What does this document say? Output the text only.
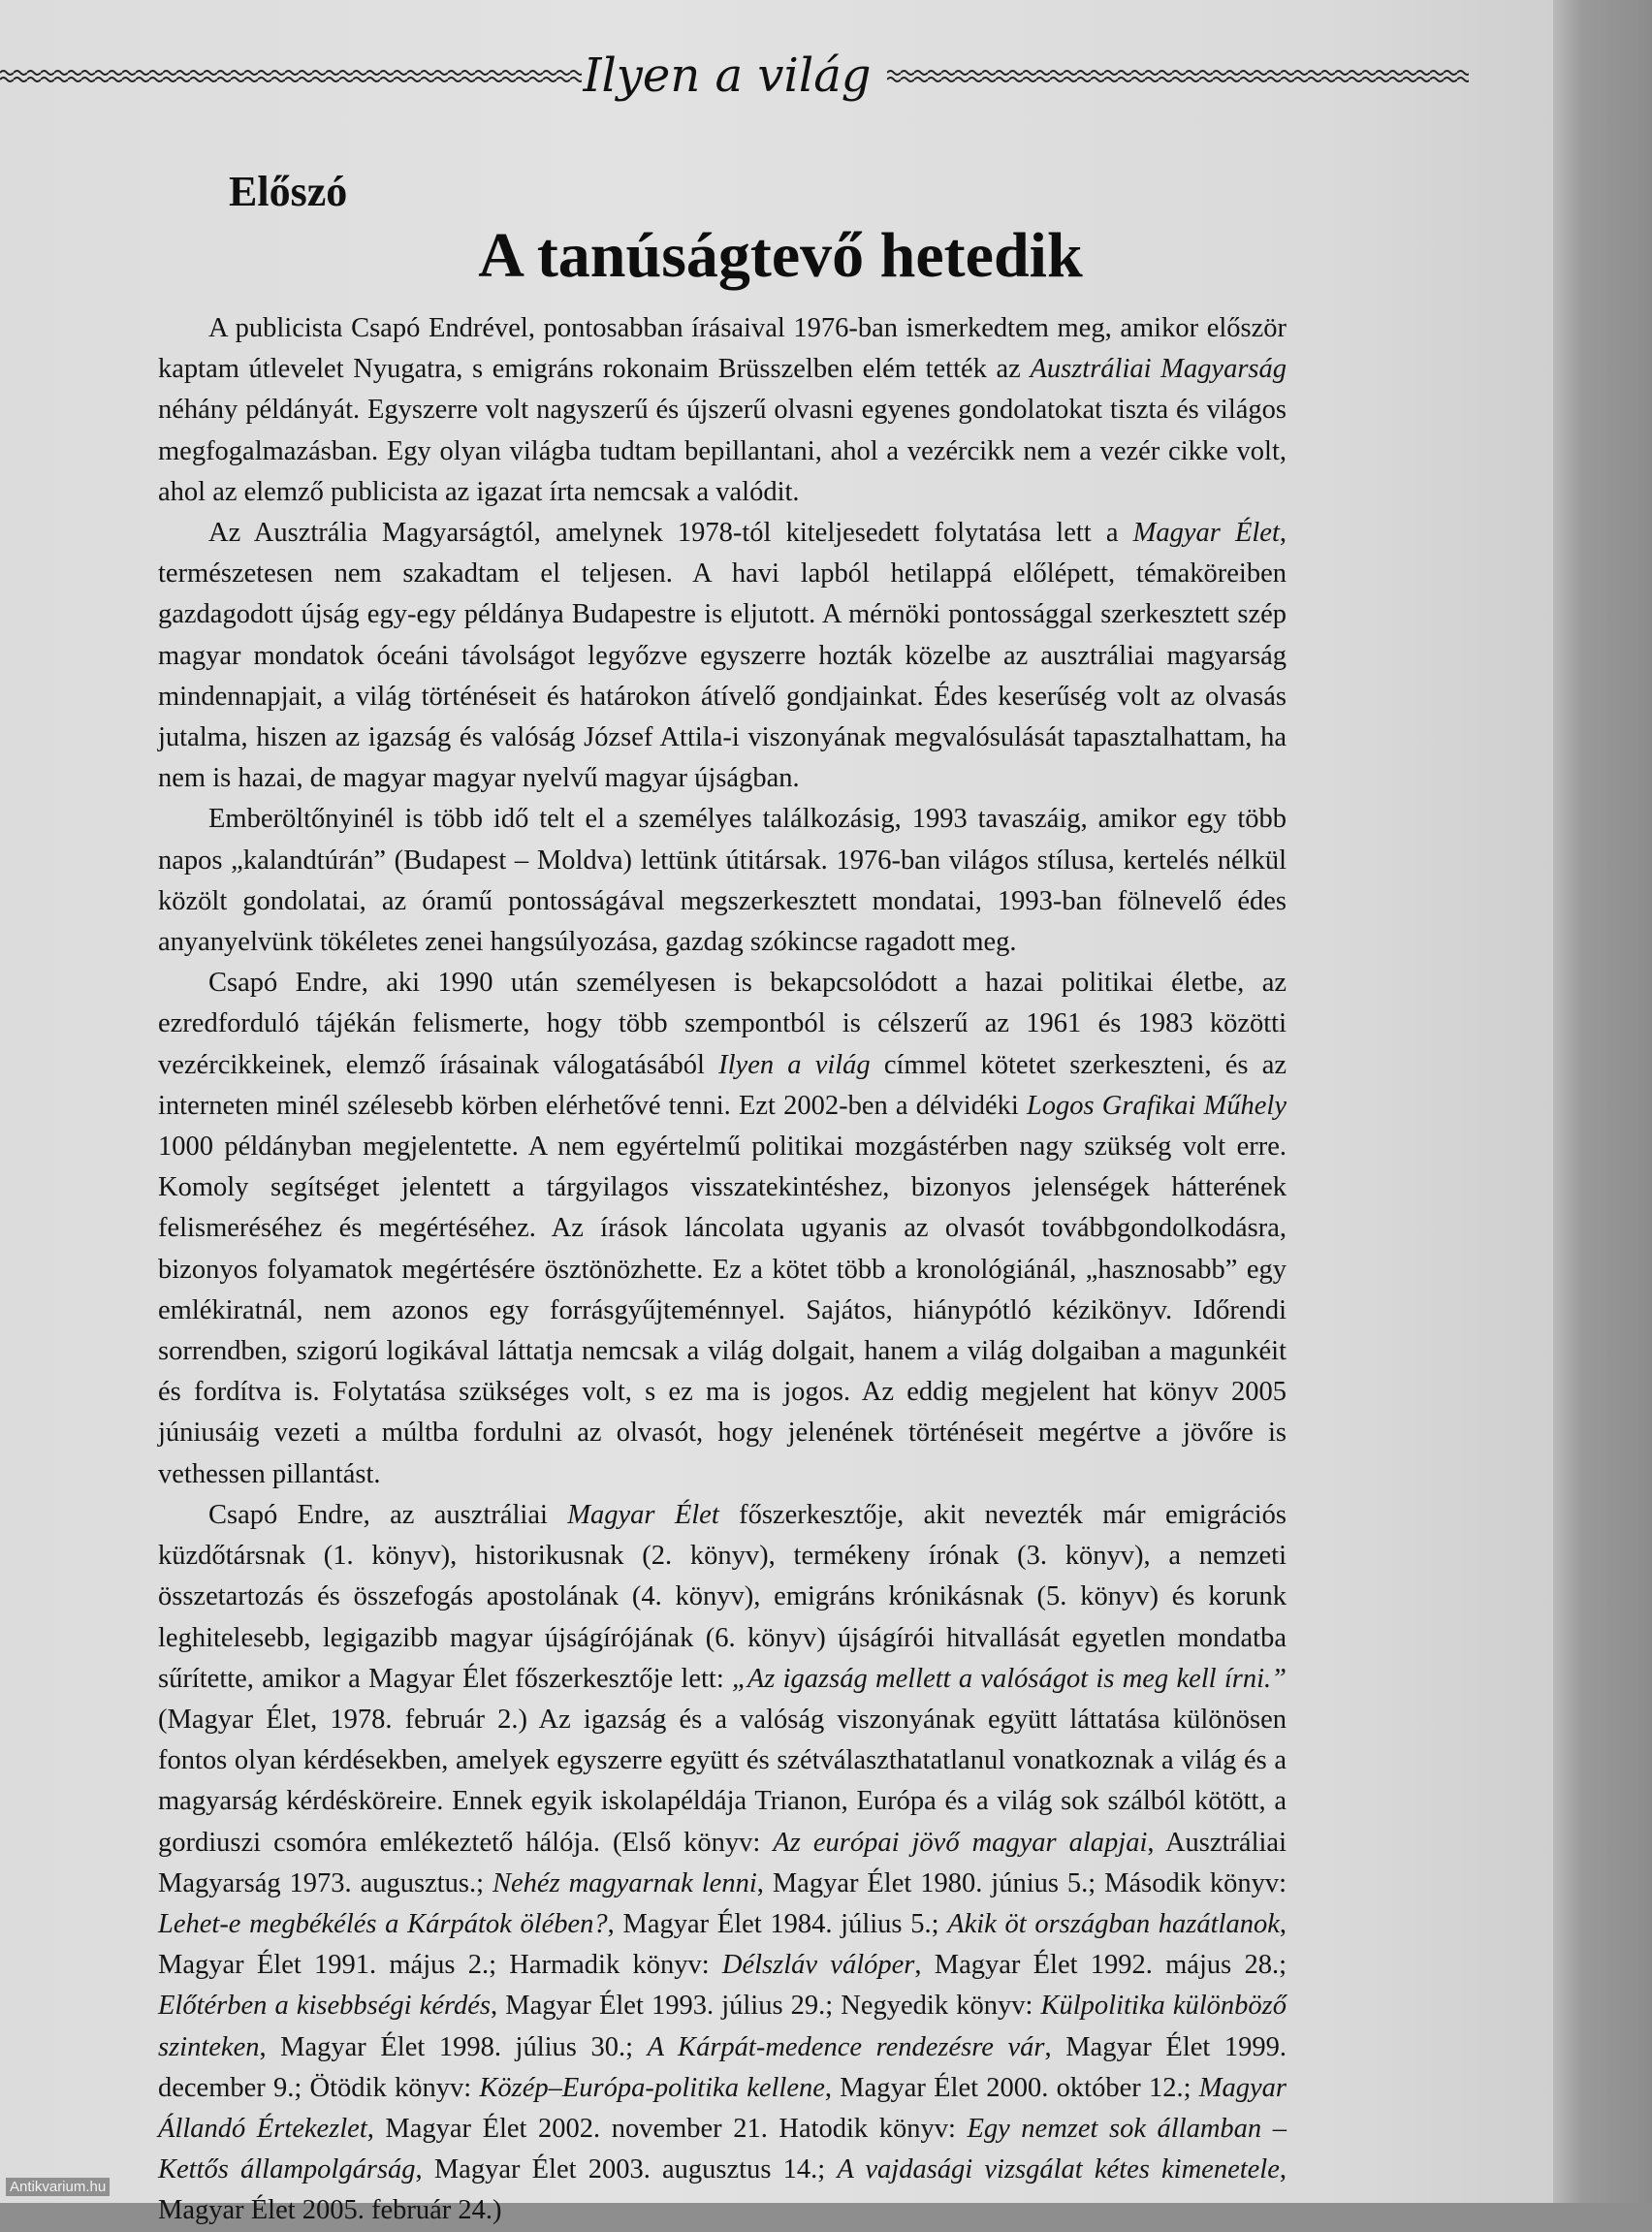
Ilyen a világ
Előszó
A tanúságtevő hetedik

A publicista Csapó Endrével, pontosabban írásaival 1976-ban ismerkedtem meg, amikor először kaptam útlevelet Nyugatra, s emigráns rokonaim Brüsszelben elém tették az Ausztráliai Magyarság néhány példányát. Egyszerre volt nagyszerű és újszerű olvasni egyenes gondolatokat tiszta és világos megfogalmazásban. Egy olyan világba tudtam bepillantani, ahol a vezércikk nem a vezér cikke volt, ahol az elemző publicista az igazat írta nemcsak a valódit.

Az Ausztrália Magyarságtól, amelynek 1978-tól kiteljesedett folytatása lett a Magyar Élet, természetesen nem szakadtam el teljesen. A havi lapból hetilappá előlépett, témaköreiben gazdagodott újság egy-egy példánya Budapestre is eljutott. A mérnöki pontossággal szerkesztett szép magyar mondatok óceáni távolságot legyőzve egyszerre hozták közelbe az ausztráliai magyarság mindennapjait, a világ történéseit és határokon átívelő gondjainkat. Édes keserűség volt az olvasás jutalma, hiszen az igazság és valóság József Attila-i viszonyának megvalósulását tapasztalhattam, ha nem is hazai, de magyar magyar nyelvű magyar újságban.

Emberöltőnyinél is több idő telt el a személyes találkozásig, 1993 tavaszáig, amikor egy több napos „kalandtúrán” (Budapest – Moldva) lettünk útitársak. 1976-ban világos stílusa, kertelés nélkül közölt gondolatai, az óramű pontosságával megszerkesztett mondatai, 1993-ban fölnevelő édes anyanyelvünk tökéletes zenei hangsúlyozása, gazdag szókincse ragadott meg.

Csapó Endre, aki 1990 után személyesen is bekapcsolódott a hazai politikai életbe, az ezredforduló tájékán felismerte, hogy több szempontból is célszerű az 1961 és 1983 közötti vezércikkeinek, elemző írásainak válogatásából Ilyen a világ címmel kötetet szerkeszteni, és az interneten minél szélesebb körben elérhetővé tenni. Ezt 2002-ben a délvidéki Logos Grafikai Műhely 1000 példányban megjelentette. A nem egyértelmű politikai mozgástérben nagy szükség volt erre. Komoly segítséget jelentett a tárgyilagos visszatekintéshez, bizonyos jelenségek hátterének felismeréséhez és megértéséhez. Az írások láncolata ugyanis az olvasót továbbgondolkodásra, bizonyos folyamatok megértésére ösztönözhette. Ez a kötet több a kronológiánál, „hasznosabb” egy emlékiratnál, nem azonos egy forrásgyűjteménnyel. Sajátos, hiánypótló kézikönyv. Időrendi sorrendben, szigorú logikával láttatja nemcsak a világ dolgait, hanem a világ dolgaiban a magunkéit és fordítva is. Folytatása szükséges volt, s ez ma is jogos. Az eddig megjelent hat könyv 2005 júniusáig vezeti a múltba fordulni az olvasót, hogy jelenének történéseit megértve a jövőre is vethessen pillantást.

Csapó Endre, az ausztráliai Magyar Élet főszerkesztője, akit nevezték már emigrációs küzdőtársnak (1. könyv), historikusnak (2. könyv), termékeny írónak (3. könyv), a nemzeti összetartozás és összefogás apostolának (4. könyv), emigráns krónikásnak (5. könyv) és korunk leghitelesebb, legigazibb magyar újságírójának (6. könyv) újságírói hitvallását egyetlen mondatba sűrítette, amikor a Magyar Élet főszerkesztője lett: „Az igazság mellett a valóságot is meg kell írni.” (Magyar Élet, 1978. február 2.) Az igazság és a valóság viszonyának együtt láttatása különösen fontos olyan kérdésekben, amelyek egyszerre együtt és szétválaszthatatlanul vonatkoznak a világ és a magyarság kérdésköreire. Ennek egyik iskolapéldája Trianon, Európa és a világ sok szálból kötött, a gordiuszi csomóra emlékeztető hálója. (Első könyv: Az európai jövő magyar alapjai, Ausztráliai Magyarság 1973. augusztus.; Nehéz magyarnak lenni, Magyar Élet 1980. június 5.; Második könyv: Lehet-e megbékélés a Kárpátok ölében?, Magyar Élet 1984. július 5.; Akik öt országban hazátlanok, Magyar Élet 1991. május 2.; Harmadik könyv: Délszláv válóper, Magyar Élet 1992. május 28.; Előtérben a kisebbségi kérdés, Magyar Élet 1993. július 29.; Negyedik könyv: Külpolitika különböző szinteken, Magyar Élet 1998. július 30.; A Kárpát-medence rendezésre vár, Magyar Élet 1999. december 9.; Ötödik könyv: Közép–Európa-politika kellene, Magyar Élet 2000. október 12.; Magyar Állandó Értekezlet, Magyar Élet 2002. november 21. Hatodik könyv: Egy nemzet sok államban – Kettős állampolgárság, Magyar Élet 2003. augusztus 14.; A vajdasági vizsgálat kétes kimenetele, Magyar Élet 2005. február 24.)

Antikvarium.hu
